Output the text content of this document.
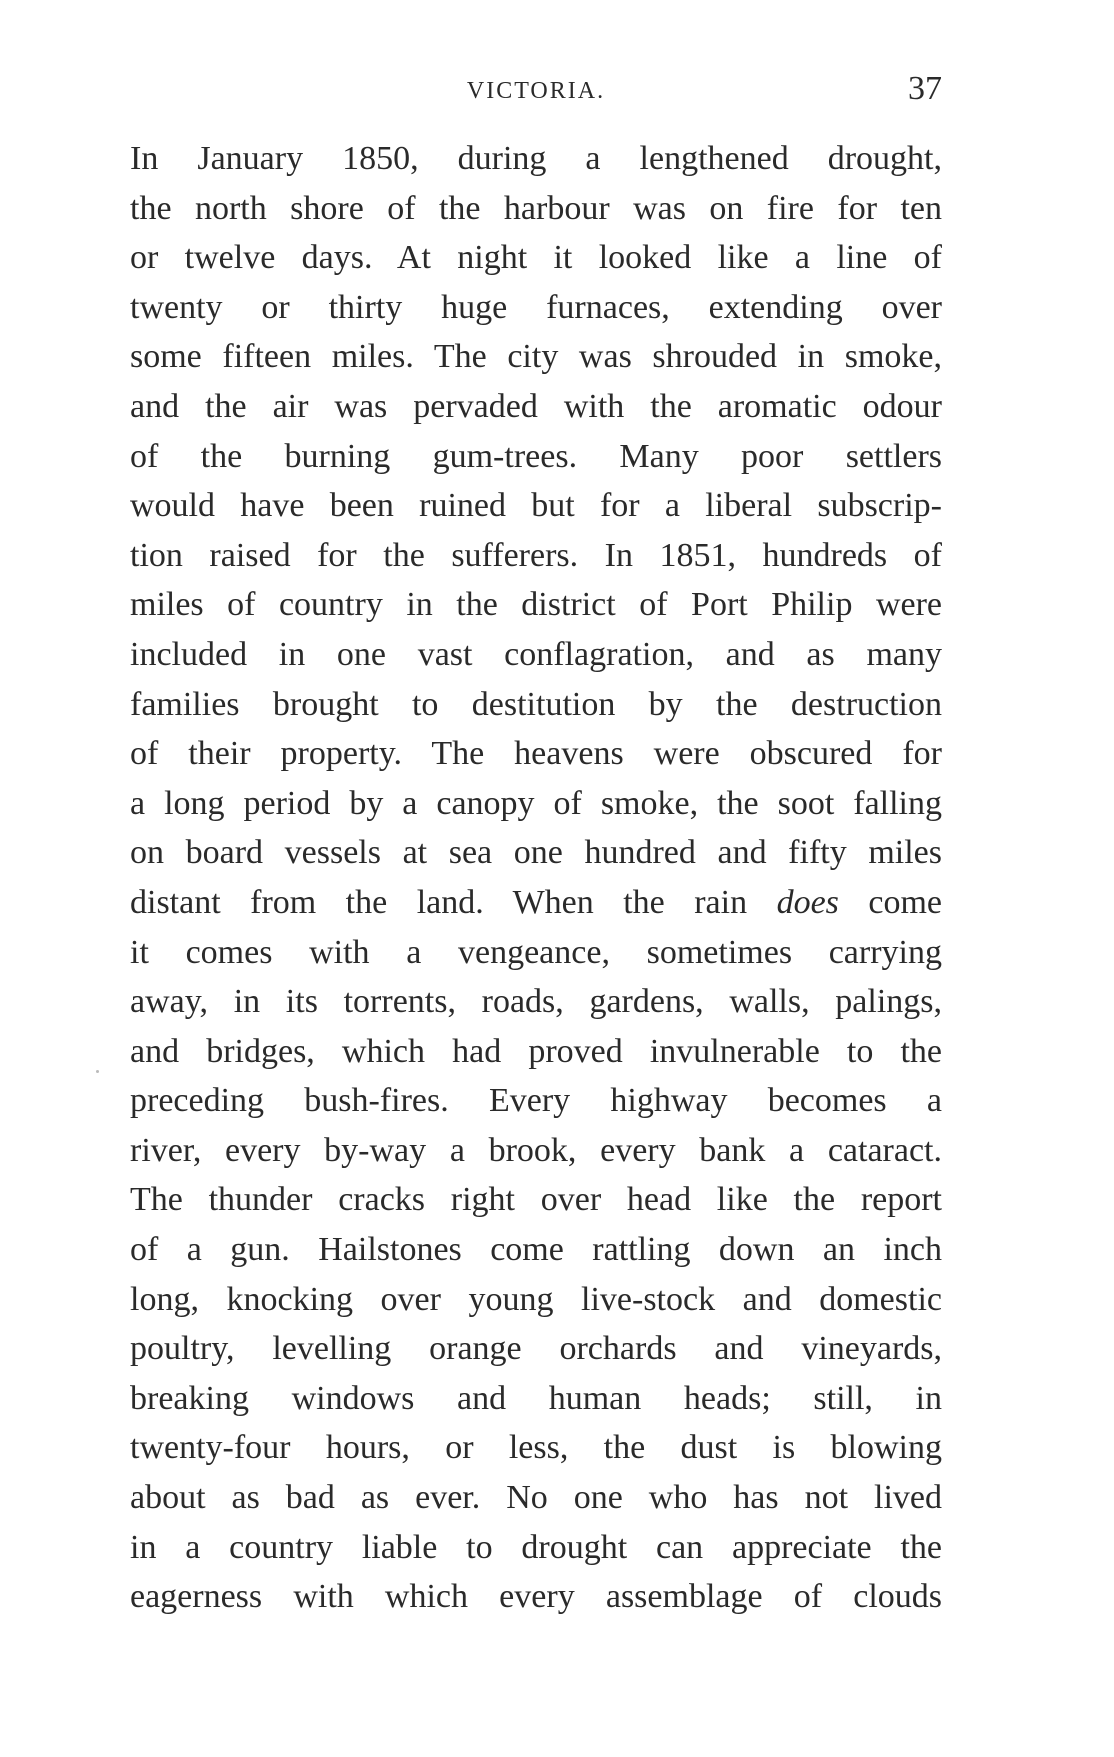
VICTORIA.	37
In January 1850, during a lengthened drought,
the north shore of the harbour was on fire for ten
or twelve days. At night it looked like a line of
twenty or thirty huge furnaces, extending over
some fifteen miles. The city was shrouded in smoke,
and the air was pervaded with the aromatic odour
of the burning gum-trees. Many poor settlers
would have been ruined but for a liberal subscrip-
tion raised for the sufferers. In 1851, hundreds of
miles of country in the district of Port Philip were
included in one vast conflagration, and as many
families brought to destitution by the destruction
of their property. The heavens were obscured for
a long period by a canopy of smoke, the soot falling
on board vessels at sea one hundred and fifty miles
distant from the land. When the rain does come
it comes with a vengeance, sometimes carrying
away, in its torrents, roads, gardens, walls, palings,
and bridges, which had proved invulnerable to the
preceding bush-fires. Every highway becomes a
river, every by-way a brook, every bank a cataract.
The thunder cracks right over head like the report
of a gun. Hailstones come rattling down an inch
long, knocking over young live-stock and domestic
poultry, levelling orange orchards and vineyards,
breaking windows and human heads; still, in
twenty-four hours, or less, the dust is blowing
about as bad as ever. No one who has not lived
in a country liable to drought can appreciate the
eagerness with which every assemblage of clouds
